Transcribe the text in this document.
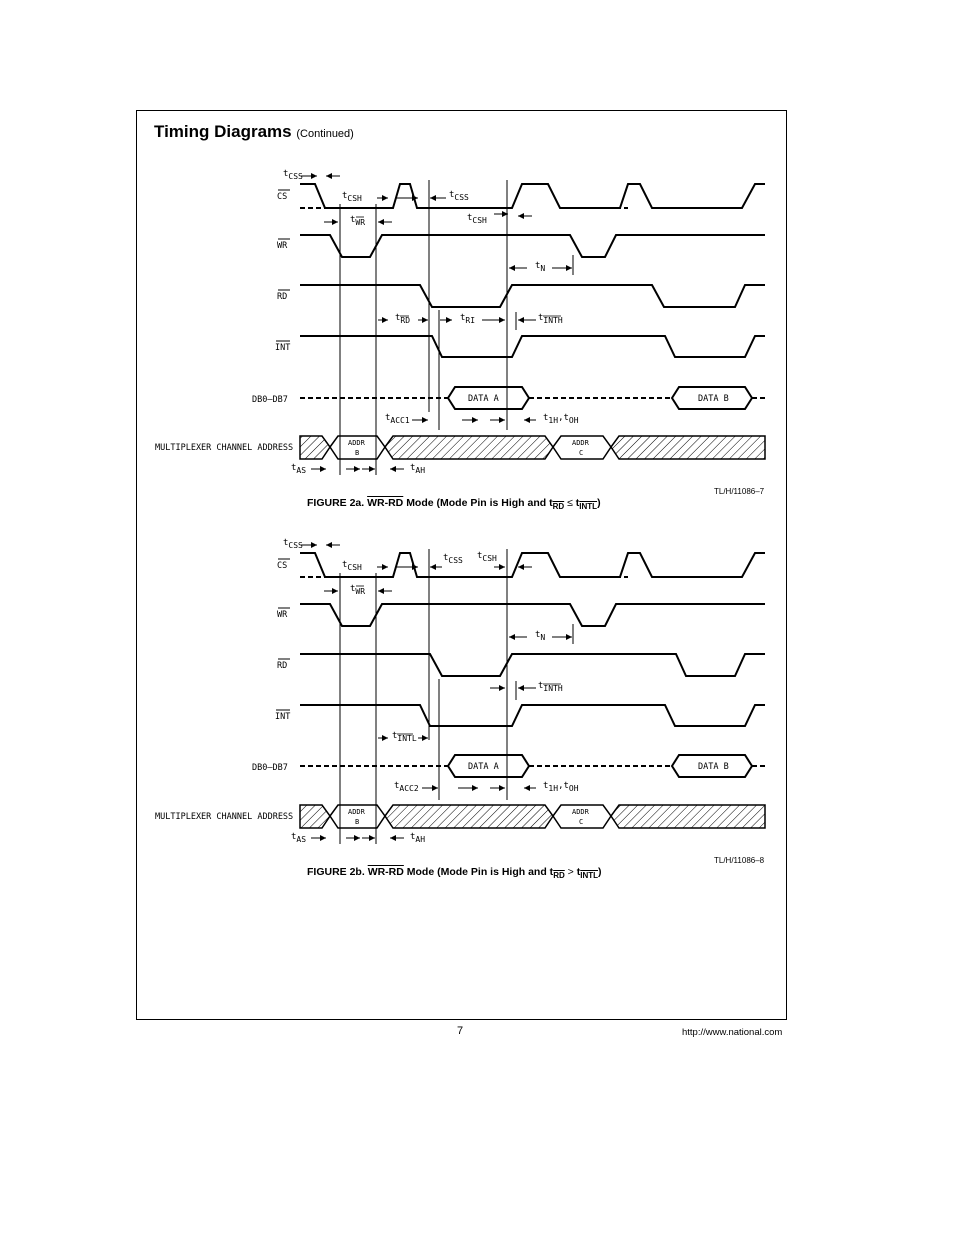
Timing Diagrams (Continued)
CS
WR
RD
INT
DB0–DB7	DATA A	DATA B
MULTIPLEXER CHANNEL ADDRESS	ADDR
B
ADDR
C
tCSS
tCSH	tCSS
tWR	tCSH
tN
tRD	tRI	tINTH
tACC1	t1H,tOH
tAS	tAH
CS
WR
RD
INT
DB0–DB7	DATA A	DATA B
MULTIPLEXER CHANNEL ADDRESS	ADDR
B
ADDR
C
tCSS
tCSH
tCSS
tWR
tCSH
tN
tINTH
tINTL
tACC2	t1H,tOH
tAS	tAH
TL/H/11086–7
FIGURE 2a. WR-RD Mode (Mode Pin is High and $t_{\overline{RD}} \le t_{INTL}$)
TL/H/11086–8
FIGURE 2b. WR-RD Mode (Mode Pin is High and $t_{\overline{RD}} > t_{INTL}$)
7	http://www.national.com
